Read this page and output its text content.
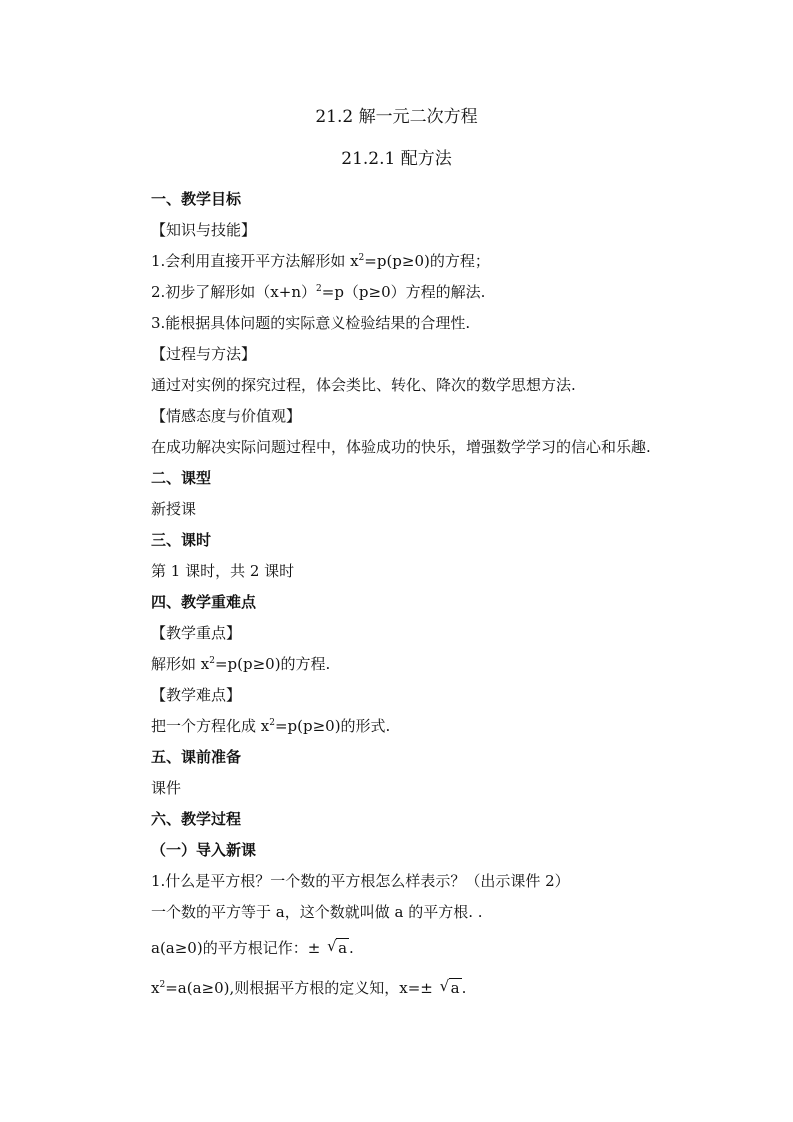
21.2 解一元二次方程
21.2.1 配方法
一、教学目标
【知识与技能】
1.会利用直接开平方法解形如 $x^2=p(p\ge 0)$的方程；
2.初步了解形如$(x+n)^2=p(p\ge 0)$方程的解法.
3.能根据具体问题的实际意义检验结果的合理性.
【过程与方法】
通过对实例的探究过程，体会类比、转化、降次的数学思想方法.
【情感态度与价值观】
在成功解决实际问题过程中，体验成功的快乐，增强数学学习的信心和乐趣.
二、课型
新授课
三、课时
第 1 课时，共 2 课时
四、教学重难点
【教学重点】
解形如 $x^2=p(p\ge 0)$的方程.
【教学难点】
把一个方程化成 $x^2=p(p\ge 0)$的形式.
五、课前准备
课件
六、教学过程
（一）导入新课
1.什么是平方根？一个数的平方根怎么样表示？（出示课件 2）
一个数的平方等于 a，这个数就叫做 a 的平方根. .
a(a≥0)的平方根记作：± √ a .
$x^2=a(a\ge 0)$,则根据平方根的定义知，x=± √ a .
